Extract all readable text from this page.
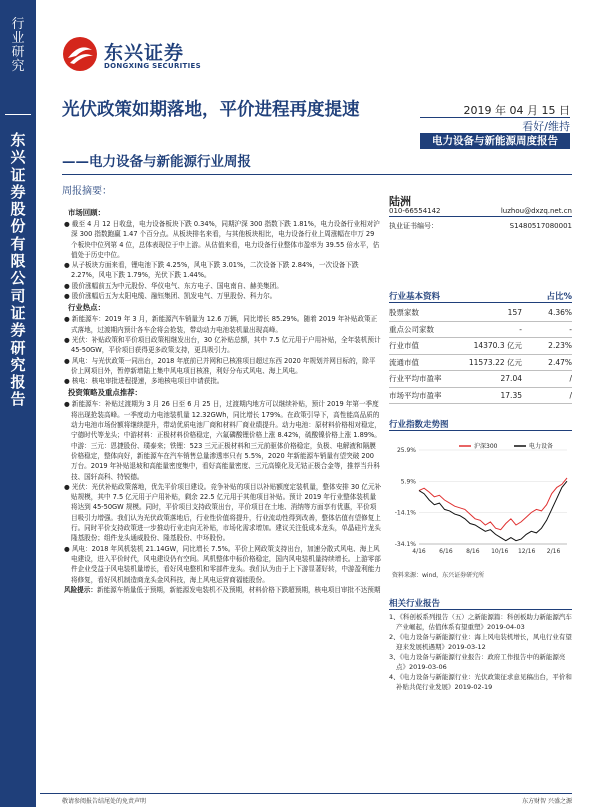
行业研究
东兴证券股份有限公司证券研究报告
东兴证券
DONGXING SECURITIES
光伏政策如期落地，平价进程再度提速
——电力设备与新能源行业周报
2019 年 04 月 15 日
看好/维持
电力设备与新能源周度报告
周报摘要：

市场回顾：

● 截至 4 月 12 日收盘，电力设备板块下跌 0.34%，同期沪深 300 指数下跌 1.81%，电力设备行业相对沪深 300 指数跑赢 1.47 个百分点。从板块排名来看，与其他板块相比，电力设备行业上周涨幅在申万 29 个板块中位列第 4 位，总体表现位于中上游。从估值来看，电力设备行业整体市盈率为 39.55 倍水平，估值处于历史中位。

● 从子板块方面来看，锂电池下跌 4.25%，风电下跌 3.01%，二次设备下跌 2.84%，一次设备下跌 2.27%，风电下跌 1.79%，光伏下跌 1.44%。

● 股价涨幅前五为中元股份、华仪电气、东方电子、国电南自、赫美集团。

● 股价涨幅后五为太阳电缆、融钰集团、凯发电气、万里股份、科力尔。

行业热点：

● 新能源车：2019 年 3 月，新能源汽车销量为 12.6 万辆，同比增长 85.29%。随着 2019 年补贴政策正式落地，过渡期内预计各车企将会抢装，带动动力电池装机量出现高峰。

● 光伏：补贴政策和平价项目政策相继发出台，30 亿补贴总额，其中 7.5 亿元用于户用补贴，全年装机预计 45-50GW，平价项目获得更多政策支持，更具吸引力。

● 风电：与光伏政策一同出台，2018 年底前已并网和已核准项目超过东西 2020 年规划并网目标的，除平价上网项目外，暂停新增陆上集中风电项目核准，利好分布式风电、海上风电。

● 核电：核电审批进程提速，多地核电项目申请获批。

投资策略及重点推荐：

● 新能源车：补贴过渡期为 3 月 26 日至 6 月 25 日，过渡期内地方可以继续补贴，预计 2019 年第一季度将出现抢装高峰。一季度动力电池装机量 12.32GWh，同比增长 179%。在政策引导下，高性能高品质的动力电池市场份额将继续提升，带动优质电池厂商和材料厂商业绩提升。动力电池：原材料价格相对稳定，宁德时代等龙头；中游材料：正极材料价格稳定，六氟磷酸锂价格上涨 8.42%，硫酸镍价格上涨 1.89%。中游：三元：恩捷股份、璞泰来；铁锂：523 三元正极材料和三元前驱体价格稳定，负极、电解液和隔膜价格稳定，整体向好，新能源车在汽车销售总量渗透率只有 5.5%，2020 年新能源车销量有望突破 200 万台。2019 年补贴退坡和高能量密度集中，看好高能量密度、三元高镍化及无钴正极合金等，推荐当升科技、国轩高科、特锐德。

● 光伏：光伏补贴政策落地，优先平价项目建设。竞争补贴的项目以补贴额度定装机量，整体安排 30 亿元补贴规模，其中 7.5 亿元用于户用补贴，剩余 22.5 亿元用于其他项目补贴。预计 2019 年行业整体装机量将达到 45-50GW 规模。同时，平价项目支持政策出台，平价项目在土地、消纳等方面享有优惠，平价项目吸引力增强。我们认为光伏政策落地后，行业性价值将提升，行业流动性得到改善，整体估值有望修复上行。同时平价支持政策进一步推动行业走向无补贴，市场化需求增加。建议关注低成本龙头，单晶硅片龙头隆基股份；组件龙头通威股份、隆基股份、中环股份。

● 风电：2018 年风机装机 21.14GW，同比增长 7.5%。平价上网政策支持出台，加速分散式风电、海上风电建设，进入平价时代，风电建设仍有空间。风机整体中标价格稳定，国内风电装机量持续增长。上游零部件企业受益于风电装机量增长，看好风电整机和零部件龙头。我们认为由于上下游显著好转，中游盈利能力将修复，看好风机制造商龙头金风科技，海上风电运营商福能股份。

风险提示：新能源车销量低于预期，新能源发电装机不及预期，材料价格下跌超预期，核电项目审批不达预期

陆洲
010-66554142	luzhou@dxzq.net.cn
执业证书编号：	S1480517080001
行业基本资料	占比%
股票家数	157	4.36%
重点公司家数	-	-
行业市值	14370.3 亿元	2.23%
流通市值	11573.22 亿元	2.47%
行业平均市盈率	27.04	/
市场平均市盈率	17.35	/
行业指数走势图
25.9%
5.9%
-14.1%
-34.1%
4/16 6/16 8/16 10/16 12/16 2/16
沪深300	电力设备
资料来源：wind，东兴证券研究所
相关行业报告

1、《科创板系列报告（五）之新能源篇：科创板助力新能源汽车产业崛起，估值体系有望重塑》2019-04-03

2、《电力设备与新能源行业：海上风电装机增长，风电行业有望迎来发展机遇期》2019-03-12

3、《电力设备与新能源行业报告：政府工作报告中的新能源亮点》2019-03-06

4、《电力设备与新能源行业：光伏政策征求意见稿出台，平价和补贴共促行业发展》2019-02-19

敬请参阅报告结尾处的免责声明	东方财智 兴盛之源
